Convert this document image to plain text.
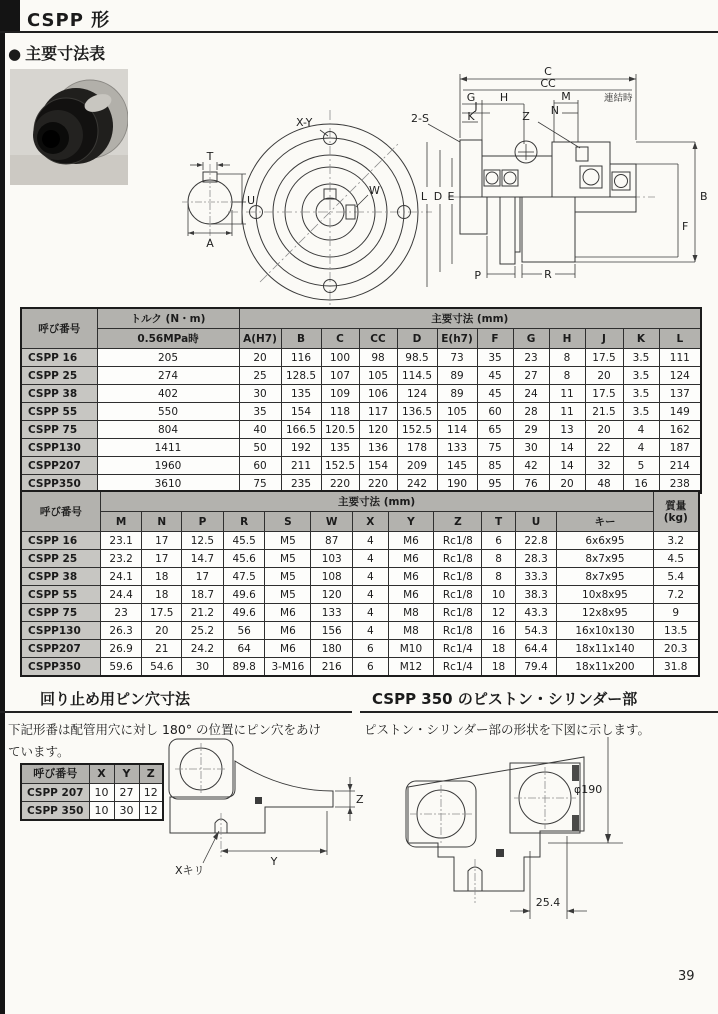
CSPP 形
● 主要寸法表
T
U
A
X-Y
W
C
CC
G H
J
K
M
N
連結時
Z
2-S
L D E	B
F
P	R
呼び番号	トルク (N・m)	主要寸法 (mm)											
	0.56MPa時	A(H7)	B	C	CC	D	E(h7)	F	G	H	J	K	L
CSPP 16	205	20	116	100	98	98.5	73	35	23	8	17.5	3.5	111
CSPP 25	274	25	128.5	107	105	114.5	89	45	27	8	20	3.5	124
CSPP 38	402	30	135	109	106	124	89	45	24	11	17.5	3.5	137
CSPP 55	550	35	154	118	117	136.5	105	60	28	11	21.5	3.5	149
CSPP 75	804	40	166.5	120.5	120	152.5	114	65	29	13	20	4	162
CSPP130	1411	50	192	135	136	178	133	75	30	14	22	4	187
CSPP207	1960	60	211	152.5	154	209	145	85	42	14	32	5	214
CSPP350	3610	75	235	220	220	242	190	95	76	20	48	16	238
呼び番号	主要寸法 (mm)												質量
(kg)

	M	N	P	R	S	W	X	Y	Z	T	U	キー	
CSPP 16	23.1	17	12.5	45.5	M5	87	4	M6	Rc1/8	6	22.8	6x6x95	3.2
CSPP 25	23.2	17	14.7	45.6	M5	103	4	M6	Rc1/8	8	28.3	8x7x95	4.5
CSPP 38	24.1	18	17	47.5	M5	108	4	M6	Rc1/8	8	33.3	8x7x95	5.4
CSPP 55	24.4	18	18.7	49.6	M5	120	4	M6	Rc1/8	10	38.3	10x8x95	7.2
CSPP 75	23	17.5	21.2	49.6	M6	133	4	M8	Rc1/8	12	43.3	12x8x95	9
CSPP130	26.3	20	25.2	56	M6	156	4	M8	Rc1/8	16	54.3	16x10x130	13.5
CSPP207	26.9	21	24.2	64	M6	180	6	M10	Rc1/4	18	64.4	18x11x140	20.3
CSPP350	59.6	54.6	30	89.8	3-M16	216	6	M12	Rc1/4	18	79.4	18x11x200	31.8
回り止め用ピン穴寸法
下記形番は配管用穴に対し 180° の位置にピン穴をあけ
ています。
呼び番号	X	Y	Z
CSPP 207	10	27	12
CSPP 350	10	30	12
Xキリ
Y
Z
CSPP 350 のピストン・シリンダー部
ピストン・シリンダー部の形状を下図に示します。
φ190
25.4
39
